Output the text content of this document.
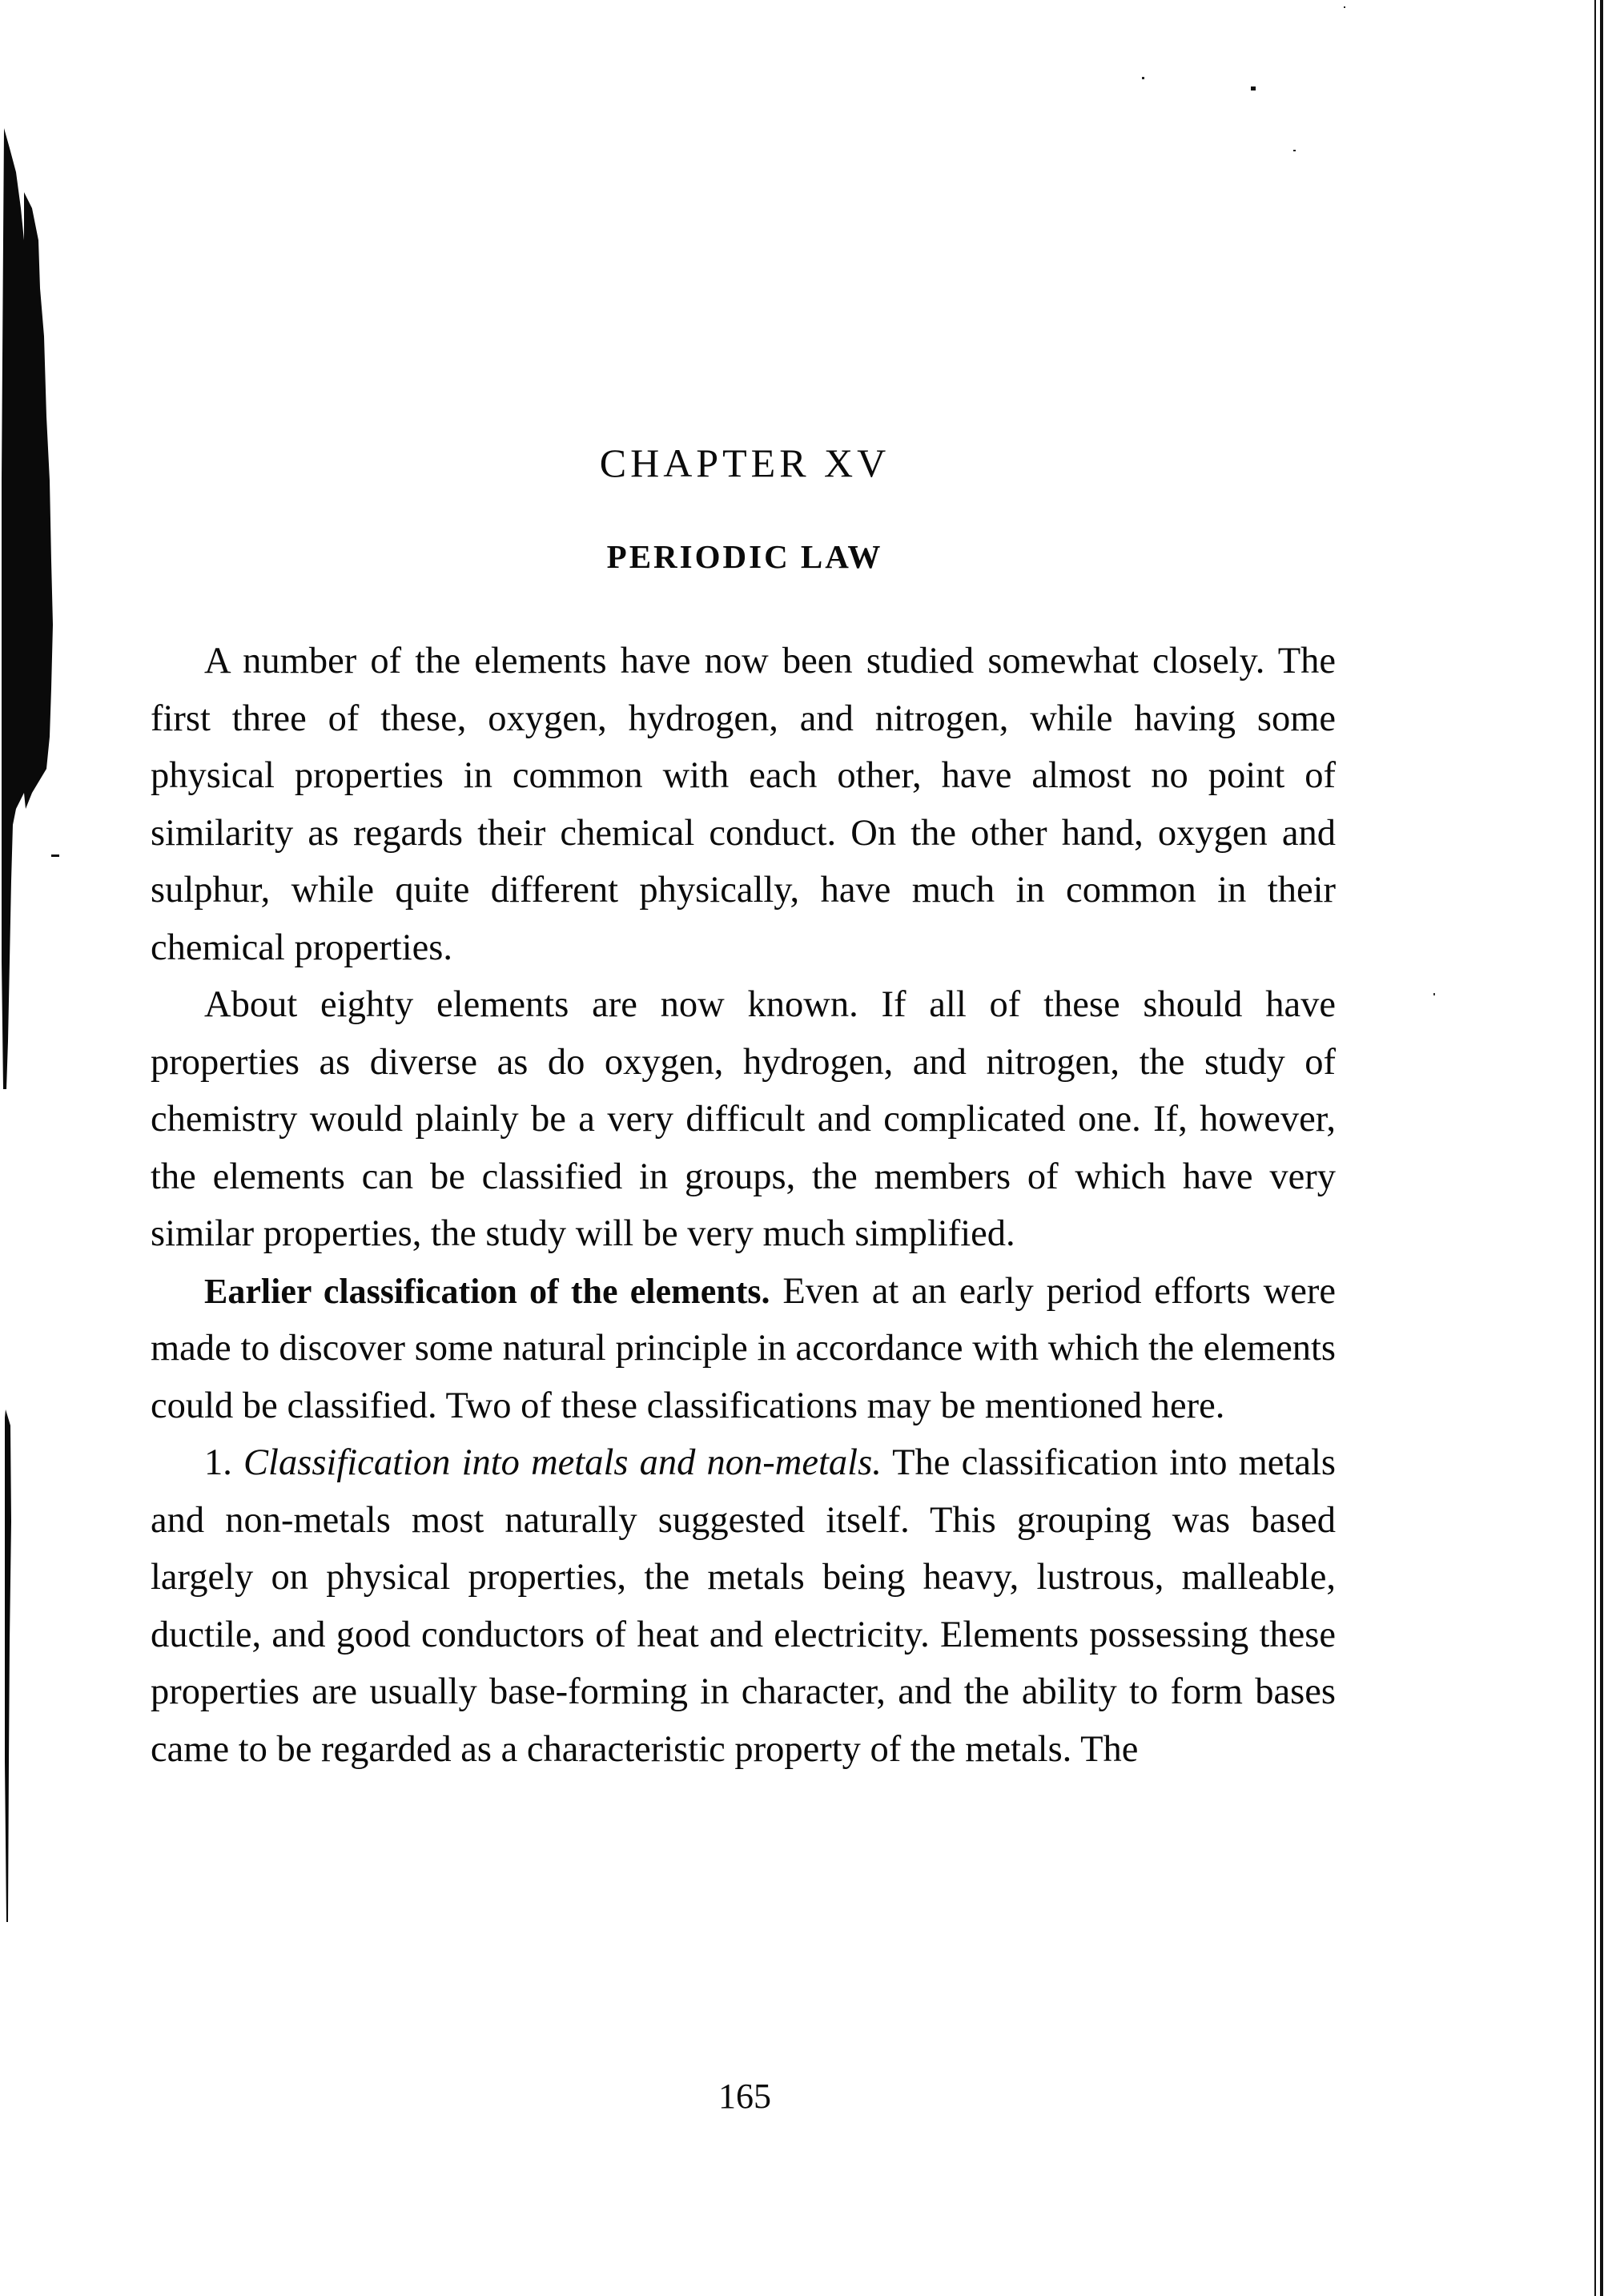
CHAPTER XV
PERIODIC LAW

A number of the elements have now been studied somewhat closely. The first three of these, oxygen, hydrogen, and nitrogen, while having some physical properties in common with each other, have almost no point of similarity as regards their chemical conduct. On the other hand, oxygen and sulphur, while quite different physically, have much in common in their chemical properties.

About eighty elements are now known. If all of these should have properties as diverse as do oxygen, hydrogen, and nitrogen, the study of chemistry would plainly be a very difficult and complicated one. If, however, the elements can be classified in groups, the members of which have very similar properties, the study will be very much simplified.

Earlier classification of the elements. Even at an early period efforts were made to discover some natural principle in accordance with which the elements could be classified. Two of these classifications may be mentioned here.

1. Classification into metals and non-metals. The classification into metals and non-metals most naturally suggested itself. This grouping was based largely on physical properties, the metals being heavy, lustrous, malleable, ductile, and good conductors of heat and electricity. Elements possessing these properties are usually base-forming in character, and the ability to form bases came to be regarded as a characteristic property of the metals. The

165
